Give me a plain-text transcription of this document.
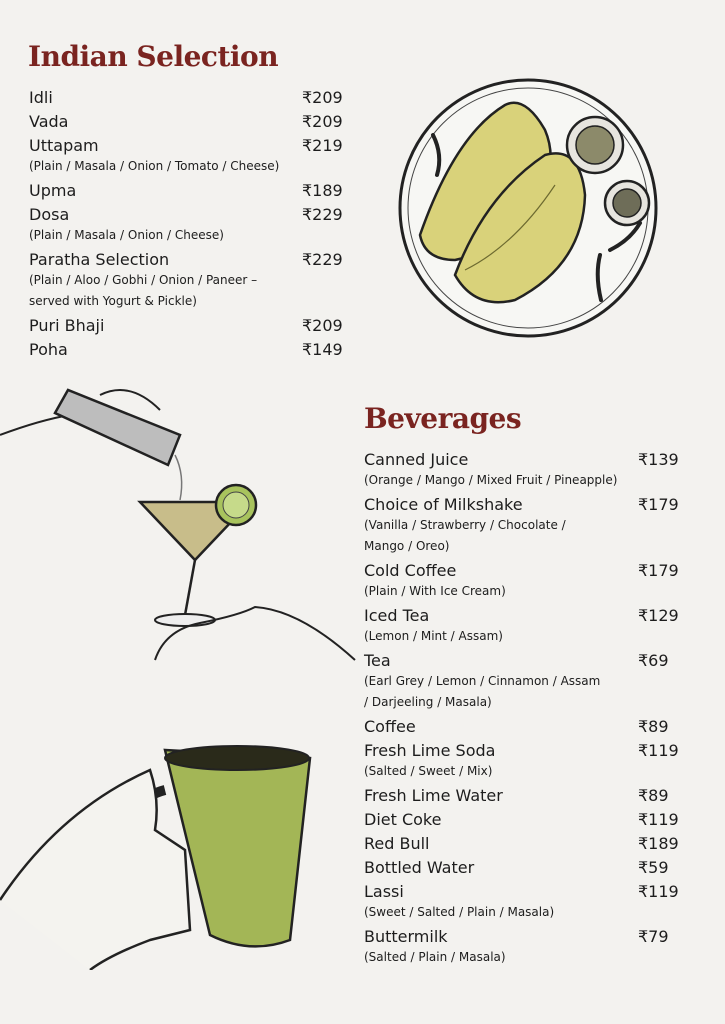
Indian Selection
Idli	₹209
Vada	₹209
Uttapam	₹219
(Plain / Masala / Onion / Tomato / Cheese)
Upma	₹189
Dosa	₹229
(Plain / Masala / Onion / Cheese)
Paratha Selection	₹229
(Plain / Aloo / Gobhi / Onion / Paneer –
served with Yogurt & Pickle)
Puri Bhaji	₹209
Poha	₹149
Beverages
Canned Juice	₹139
(Orange / Mango / Mixed Fruit / Pineapple)
Choice of Milkshake	₹179
(Vanilla / Strawberry / Chocolate /
Mango / Oreo)
Cold Coffee	₹179
(Plain / With Ice Cream)
Iced Tea	₹129
(Lemon / Mint / Assam)
Tea	₹69
(Earl Grey / Lemon / Cinnamon / Assam
/ Darjeeling / Masala)
Coffee	₹89
Fresh Lime Soda	₹119
(Salted / Sweet / Mix)
Fresh Lime Water	₹89
Diet Coke	₹119
Red Bull	₹189
Bottled Water	₹59
Lassi	₹119
(Sweet / Salted / Plain / Masala)
Buttermilk	₹79
(Salted / Plain / Masala)
